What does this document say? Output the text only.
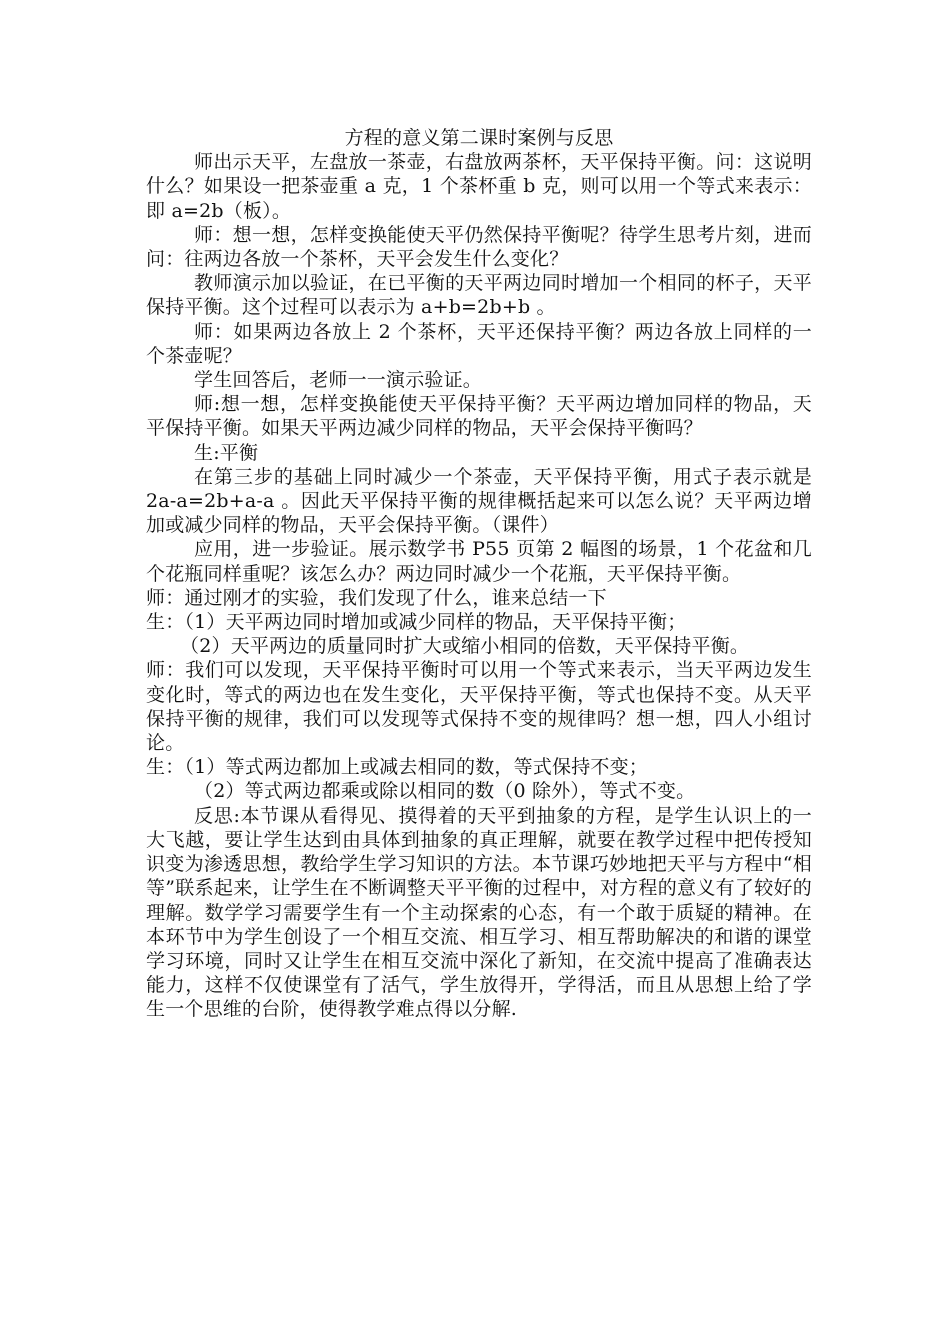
方程的意义第二课时案例与反思

师出示天平，左盘放一茶壶，右盘放两茶杯，天平保持平衡。问：这说明什么？如果设一把茶壶重 a 克，1 个茶杯重 b 克，则可以用一个等式来表示：即 a=2b（板）。

师：想一想，怎样变换能使天平仍然保持平衡呢？待学生思考片刻，进而问：往两边各放一个茶杯，天平会发生什么变化？

教师演示加以验证，在已平衡的天平两边同时增加一个相同的杯子，天平保持平衡。这个过程可以表示为 a+b=2b+b 。

师：如果两边各放上 2 个茶杯，天平还保持平衡？两边各放上同样的一个茶壶呢？

学生回答后，老师一一演示验证。

师:想一想，怎样变换能使天平保持平衡？天平两边增加同样的物品，天平保持平衡。如果天平两边减少同样的物品，天平会保持平衡吗？

生:平衡

在第三步的基础上同时减少一个茶壶，天平保持平衡，用式子表示就是 2a-a=2b+a-a 。因此天平保持平衡的规律概括起来可以怎么说？天平两边增加或减少同样的物品，天平会保持平衡。（课件）

应用，进一步验证。展示数学书 P55 页第 2 幅图的场景，1 个花盆和几个花瓶同样重呢？该怎么办？两边同时减少一个花瓶，天平保持平衡。

师：通过刚才的实验，我们发现了什么，谁来总结一下

生：（1）天平两边同时增加或减少同样的物品，天平保持平衡；

（2）天平两边的质量同时扩大或缩小相同的倍数，天平保持平衡。

师：我们可以发现，天平保持平衡时可以用一个等式来表示，当天平两边发生变化时，等式的两边也在发生变化，天平保持平衡，等式也保持不变。从天平保持平衡的规律，我们可以发现等式保持不变的规律吗？想一想，四人小组讨论。

生：（1）等式两边都加上或减去相同的数，等式保持不变；

（2）等式两边都乘或除以相同的数（0 除外），等式不变。

反思:本节课从看得见、摸得着的天平到抽象的方程，是学生认识上的一大飞越，要让学生达到由具体到抽象的真正理解，就要在教学过程中把传授知识变为渗透思想，教给学生学习知识的方法。本节课巧妙地把天平与方程中“相等”联系起来，让学生在不断调整天平平衡的过程中，对方程的意义有了较好的理解。数学学习需要学生有一个主动探索的心态，有一个敢于质疑的精神。在本环节中为学生创设了一个相互交流、相互学习、相互帮助解决的和谐的课堂学习环境，同时又让学生在相互交流中深化了新知，在交流中提高了准确表达能力，这样不仅使课堂有了活气，学生放得开，学得活，而且从思想上给了学生一个思维的台阶，使得教学难点得以分解.
